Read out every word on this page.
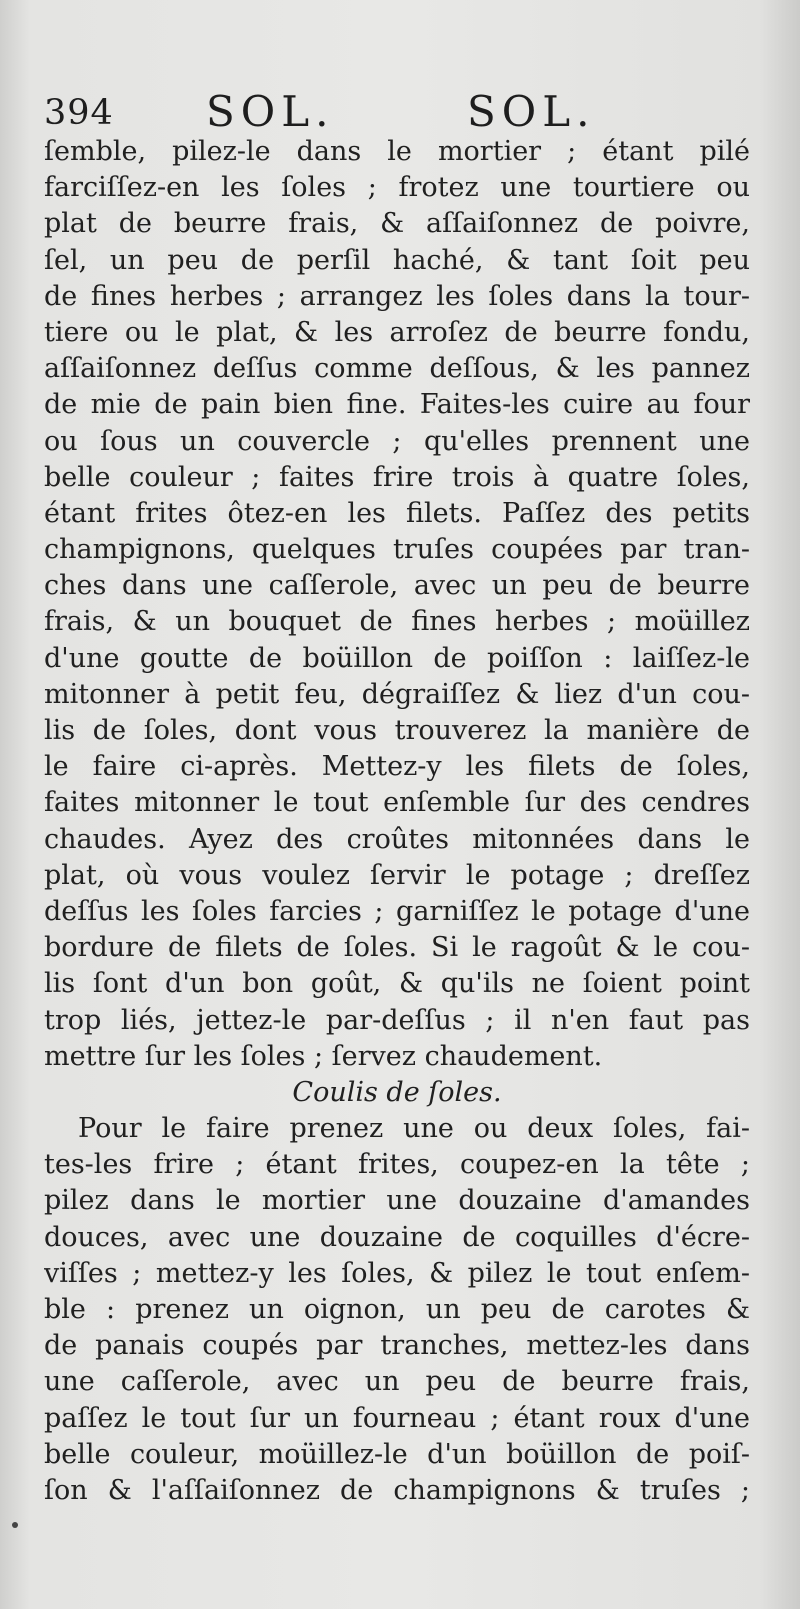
394 SOL.	SOL.
ſemble, pilez-le dans le mortier ; étant pilé
farciſſez-en les ſoles ; frotez une tourtiere ou
plat de beurre frais, & aſſaiſonnez de poivre,
ſel, un peu de perſil haché, & tant ſoit peu
de fines herbes ; arrangez les ſoles dans la tour-
tiere ou le plat, & les arroſez de beurre fondu,
aſſaiſonnez deſſus comme deſſous, & les pannez
de mie de pain bien fine. Faites-les cuire au four
ou ſous un couvercle ; qu'elles prennent une
belle couleur ; faites frire trois à quatre ſoles,
étant frites ôtez-en les filets. Paſſez des petits
champignons, quelques truſes coupées par tran-
ches dans une caſſerole, avec un peu de beurre
frais, & un bouquet de fines herbes ; moüillez
d'une goutte de boüillon de poiſſon : laiſſez-le
mitonner à petit feu, dégraiſſez & liez d'un cou-
lis de ſoles, dont vous trouverez la manière de
le faire ci-après. Mettez-y les filets de ſoles,
faites mitonner le tout enſemble ſur des cendres
chaudes. Ayez des croûtes mitonnées dans le
plat, où vous voulez ſervir le potage ; dreſſez
deſſus les ſoles farcies ; garniſſez le potage d'une
bordure de filets de ſoles. Si le ragoût & le cou-
lis ſont d'un bon goût, & qu'ils ne ſoient point
trop liés, jettez-le par-deſſus ; il n'en faut pas
mettre ſur les ſoles ; ſervez chaudement.
Coulis de ſoles.
Pour le faire prenez une ou deux ſoles, fai-
tes-les frire ; étant frites, coupez-en la tête ;
pilez dans le mortier une douzaine d'amandes
douces, avec une douzaine de coquilles d'écre-
viſſes ; mettez-y les ſoles, & pilez le tout enſem-
ble : prenez un oignon, un peu de carotes &
de panais coupés par tranches, mettez-les dans
une caſſerole, avec un peu de beurre frais,
paſſez le tout ſur un fourneau ; étant roux d'une
belle couleur, moüillez-le d'un boüillon de poiſ-
ſon & l'aſſaiſonnez de champignons & truſes ;
